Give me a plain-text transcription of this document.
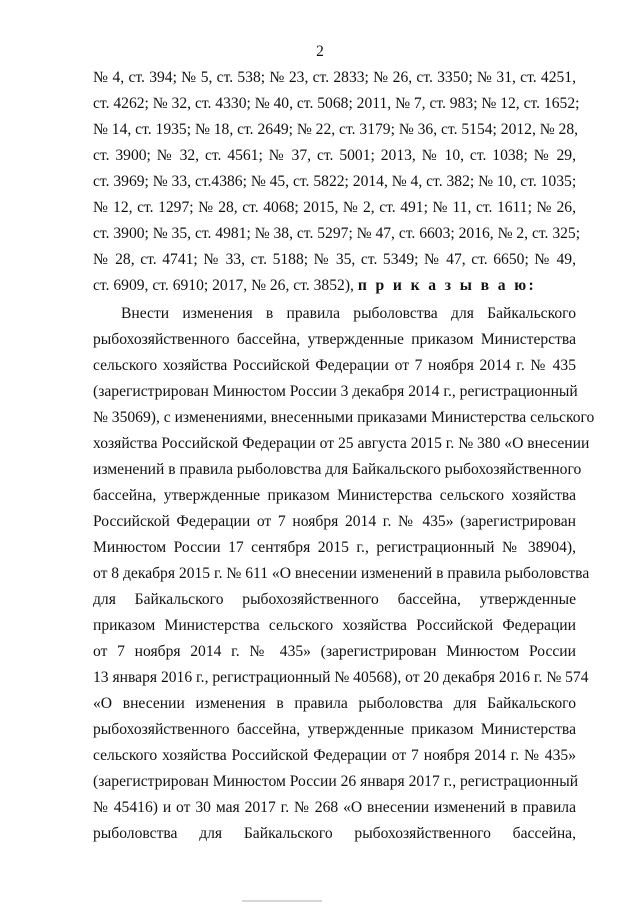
2
№ 4, ст. 394; № 5, ст. 538; № 23, ст. 2833; № 26, ст. 3350; № 31, ст. 4251,
ст. 4262; № 32, ст. 4330; № 40, ст. 5068; 2011, № 7, ст. 983; № 12, ст. 1652;
№ 14, ст. 1935; № 18, ст. 2649; № 22, ст. 3179; № 36, ст. 5154; 2012, № 28,
ст. 3900; № 32, ст. 4561; № 37, ст. 5001; 2013, № 10, ст. 1038; № 29,
ст. 3969; № 33, ст.4386; № 45, ст. 5822; 2014, № 4, ст. 382; № 10, ст. 1035;
№ 12, ст. 1297; № 28, ст. 4068; 2015, № 2, ст. 491; № 11, ст. 1611; № 26,
ст. 3900; № 35, ст. 4981; № 38, ст. 5297; № 47, ст. 6603; 2016, № 2, ст. 325;
№ 28, ст. 4741; № 33, ст. 5188; № 35, ст. 5349; № 47, ст. 6650; № 49,
ст. 6909, ст. 6910; 2017, № 26, ст. 3852), п р и к а з ы в а ю:
Внести изменения в правила рыболовства для Байкальского
рыбохозяйственного бассейна, утвержденные приказом Министерства
сельского хозяйства Российской Федерации от 7 ноября 2014 г. № 435
(зарегистрирован Минюстом России 3 декабря 2014 г., регистрационный
№ 35069), с изменениями, внесенными приказами Министерства сельского
хозяйства Российской Федерации от 25 августа 2015 г. № 380 «О внесении
изменений в правила рыболовства для Байкальского рыбохозяйственного
бассейна, утвержденные приказом Министерства сельского хозяйства
Российской Федерации от 7 ноября 2014 г. № 435» (зарегистрирован
Минюстом России 17 сентября 2015 г., регистрационный № 38904),
от 8 декабря 2015 г. № 611 «О внесении изменений в правила рыболовства
для Байкальского рыбохозяйственного бассейна, утвержденные
приказом Министерства сельского хозяйства Российской Федерации
от 7 ноября 2014 г. № 435» (зарегистрирован Минюстом России
13 января 2016 г., регистрационный № 40568), от 20 декабря 2016 г. № 574
«О внесении изменения в правила рыболовства для Байкальского
рыбохозяйственного бассейна, утвержденные приказом Министерства
сельского хозяйства Российской Федерации от 7 ноября 2014 г. № 435»
(зарегистрирован Минюстом России 26 января 2017 г., регистрационный
№ 45416) и от 30 мая 2017 г. № 268 «О внесении изменений в правила
рыболовства для Байкальского рыбохозяйственного бассейна,
